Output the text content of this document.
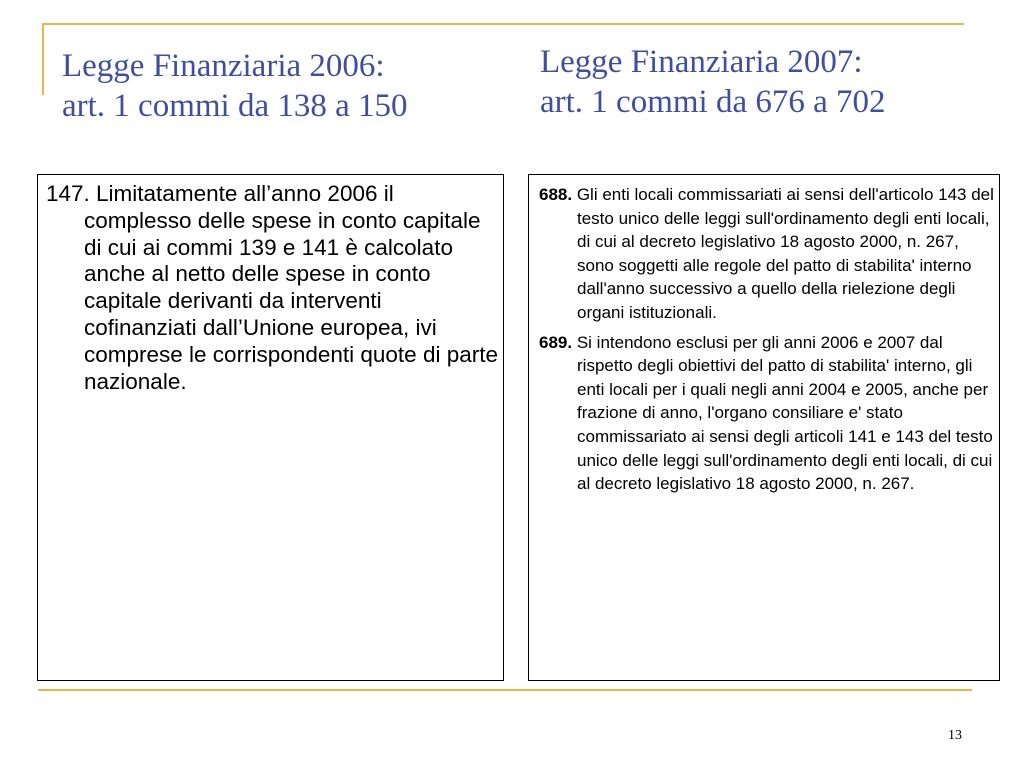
Legge Finanziaria 2006:
art. 1 commi da 138 a 150
Legge Finanziaria 2007:
art. 1 commi da 676 a 702

147. Limitatamente all’anno 2006 il complesso delle spese in conto capitale di cui ai commi 139 e 141 è calcolato anche al netto delle spese in conto capitale derivanti da interventi cofinanziati dall’Unione europea, ivi comprese le corrispondenti quote di parte nazionale.

688. Gli enti locali commissariati ai sensi dell'articolo 143 del testo unico delle leggi sull'ordinamento degli enti locali, di cui al decreto legislativo 18 agosto 2000, n. 267, sono soggetti alle regole del patto di stabilita' interno dall'anno successivo a quello della rielezione degli organi istituzionali.

689. Si intendono esclusi per gli anni 2006 e 2007 dal rispetto degli obiettivi del patto di stabilita' interno, gli enti locali per i quali negli anni 2004 e 2005, anche per frazione di anno, l'organo consiliare e' stato commissariato ai sensi degli articoli 141 e 143 del testo unico delle leggi sull'ordinamento degli enti locali, di cui al decreto legislativo 18 agosto 2000, n. 267.

13
